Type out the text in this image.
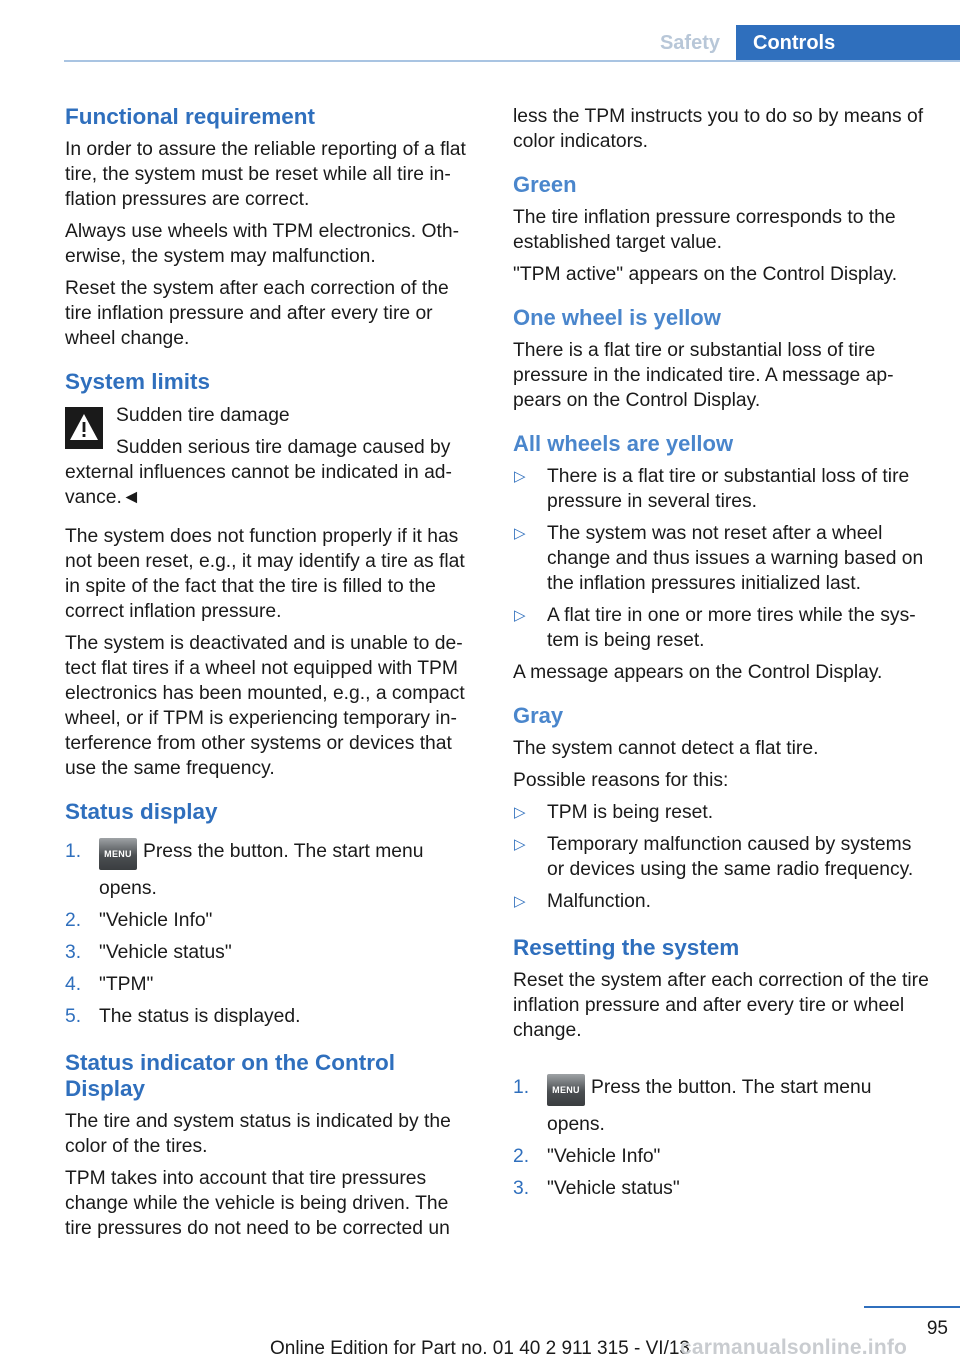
Safety	Controls
Functional requirement

In order to assure the reliable reporting of a flat tire, the system must be reset while all tire inflation pressures are correct.

Always use wheels with TPM electronics. Otherwise, the system may malfunction.

Reset the system after each correction of the tire inflation pressure and after every tire or wheel change.

System limits

Sudden tire damage

Sudden serious tire damage caused by external influences cannot be indicated in advance.◄

The system does not function properly if it has not been reset, e.g., it may identify a tire as flat in spite of the fact that the tire is filled to the correct inflation pressure.

The system is deactivated and is unable to detect flat tires if a wheel not equipped with TPM electronics has been mounted, e.g., a compact wheel, or if TPM is experiencing temporary interference from other systems or devices that use the same frequency.

Status display
1.	MENU Press the button. The start menu opens.
2. "Vehicle Info"
3. "Vehicle status"
4. "TPM"
5. The status is displayed.
Status indicator on the Control Display

The tire and system status is indicated by the color of the tires.

TPM takes into account that tire pressures change while the vehicle is being driven. The tire pressures do not need to be corrected un

less the TPM instructs you to do so by means of color indicators.

Green

The tire inflation pressure corresponds to the established target value.

"TPM active" appears on the Control Display.

One wheel is yellow

There is a flat tire or substantial loss of tire pressure in the indicated tire. A message appears on the Control Display.

All wheels are yellow
▷ There is a flat tire or substantial loss of tire pressure in several tires.
▷ The system was not reset after a wheel change and thus issues a warning based on the inflation pressures initialized last.
▷ A flat tire in one or more tires while the system is being reset.

A message appears on the Control Display.

Gray

The system cannot detect a flat tire.

Possible reasons for this:

▷ TPM is being reset.
▷ Temporary malfunction caused by systems or devices using the same radio frequency.
▷ Malfunction.
Resetting the system

Reset the system after each correction of the tire inflation pressure and after every tire or wheel change.

1.	MENU Press the button. The start menu opens.
2. "Vehicle Info"
3. "Vehicle status"
95
Online Edition for Part no. 01 40 2 911 315 - VI/13
carmanualsonline.info
